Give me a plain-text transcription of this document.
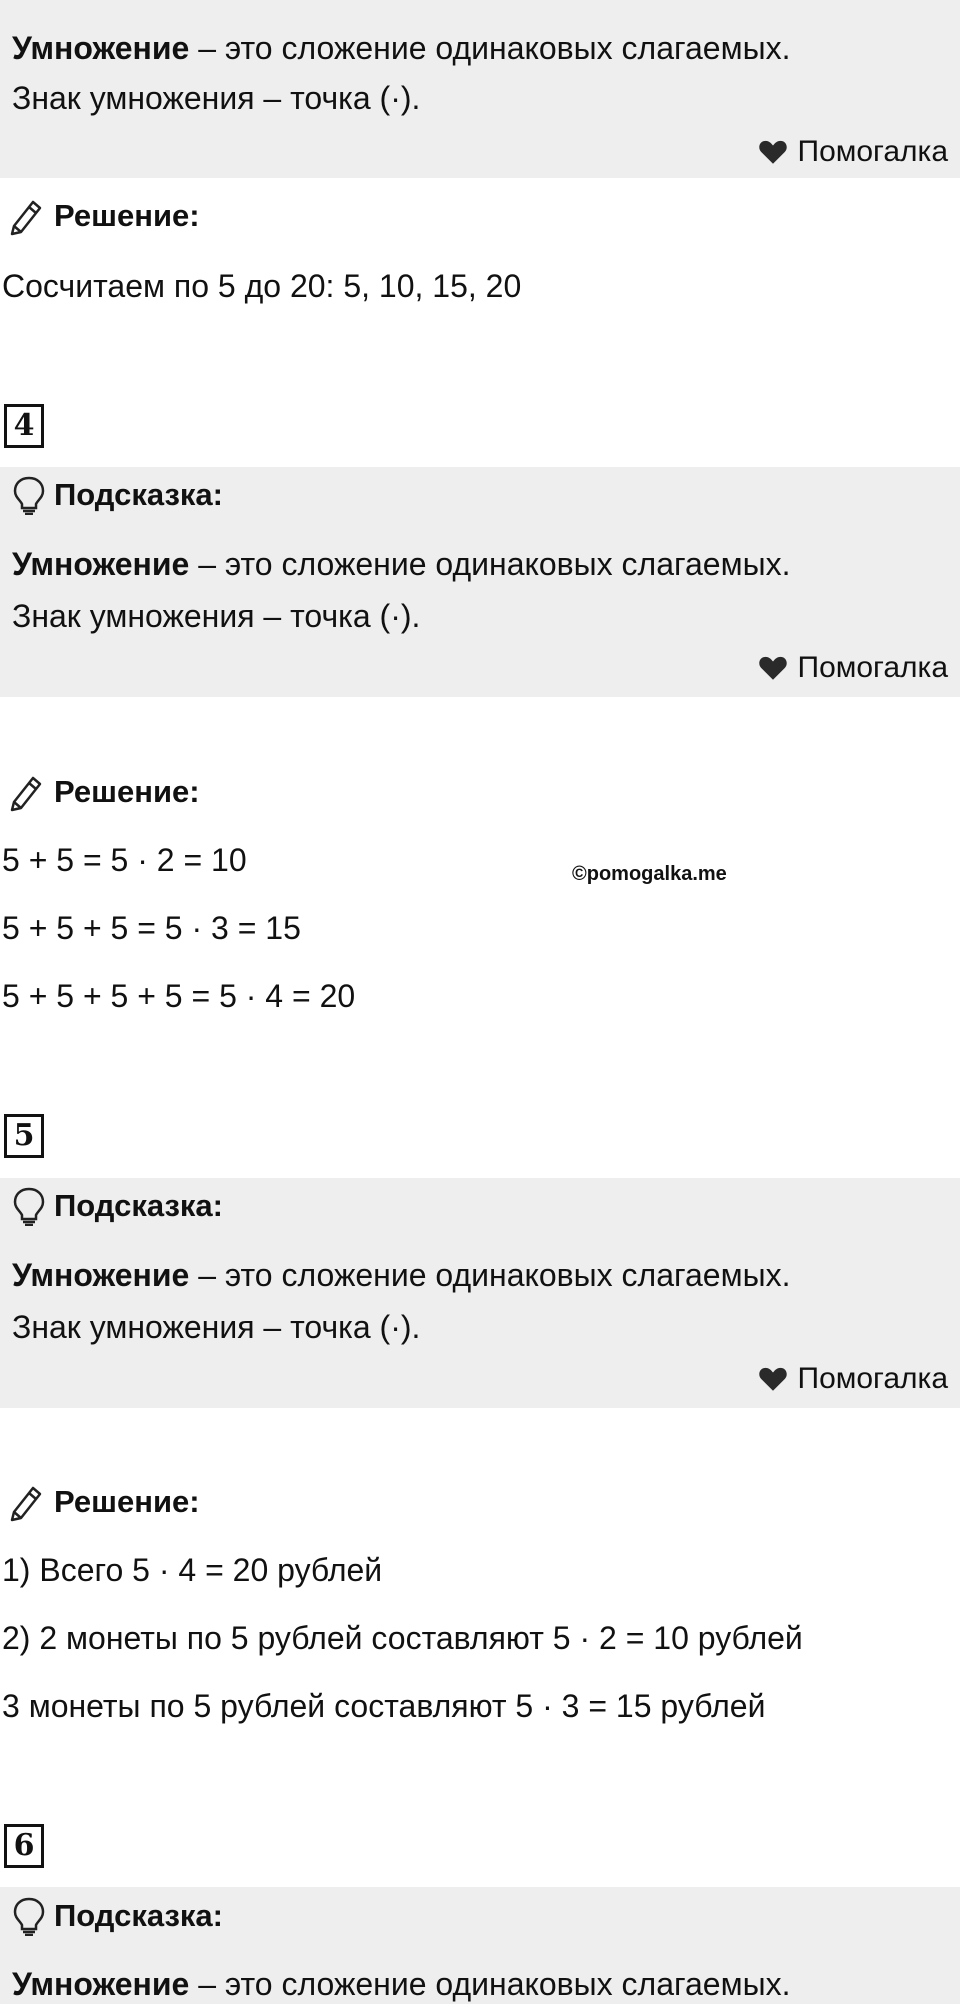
Умножение – это сложение одинаковых слагаемых.
Знак умножения – точка (·).
Помогалка
Решение:
Сосчитаем по 5 до 20: 5, 10, 15, 20
4
Подсказка:
Умножение – это сложение одинаковых слагаемых.
Знак умножения – точка (·).
Помогалка
Решение:
5 + 5 = 5 · 2 = 10	©pomogalka.me
5 + 5 + 5 = 5 · 3 = 15
5 + 5 + 5 + 5 = 5 · 4 = 20
5
Подсказка:
Умножение – это сложение одинаковых слагаемых.
Знак умножения – точка (·).
Помогалка
Решение:
1) Всего 5 · 4 = 20 рублей
2) 2 монеты по 5 рублей составляют 5 · 2 = 10 рублей
3 монеты по 5 рублей составляют 5 · 3 = 15 рублей
6
Подсказка:
Умножение – это сложение одинаковых слагаемых.
